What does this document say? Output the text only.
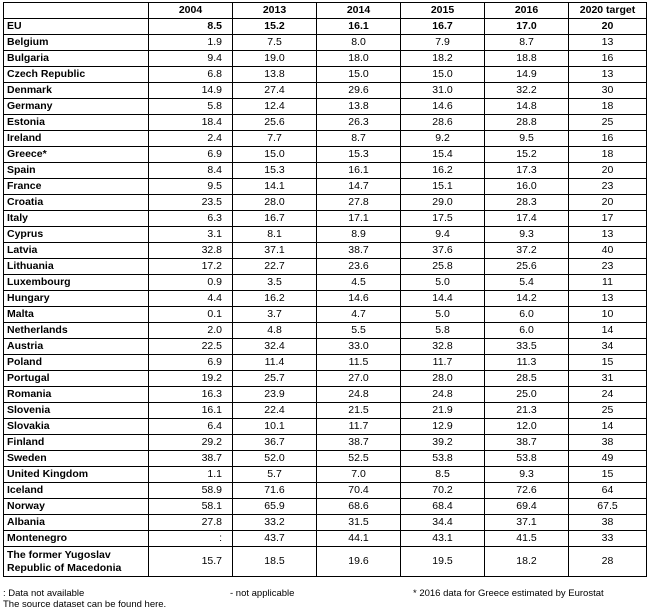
	2004	2013	2014	2015	2016	2020 target
EU	8.5	15.2	16.1	16.7	17.0	20
Belgium	1.9	7.5	8.0	7.9	8.7	13
Bulgaria	9.4	19.0	18.0	18.2	18.8	16
Czech Republic	6.8	13.8	15.0	15.0	14.9	13
Denmark	14.9	27.4	29.6	31.0	32.2	30
Germany	5.8	12.4	13.8	14.6	14.8	18
Estonia	18.4	25.6	26.3	28.6	28.8	25
Ireland	2.4	7.7	8.7	9.2	9.5	16
Greece*	6.9	15.0	15.3	15.4	15.2	18
Spain	8.4	15.3	16.1	16.2	17.3	20
France	9.5	14.1	14.7	15.1	16.0	23
Croatia	23.5	28.0	27.8	29.0	28.3	20
Italy	6.3	16.7	17.1	17.5	17.4	17
Cyprus	3.1	8.1	8.9	9.4	9.3	13
Latvia	32.8	37.1	38.7	37.6	37.2	40
Lithuania	17.2	22.7	23.6	25.8	25.6	23
Luxembourg	0.9	3.5	4.5	5.0	5.4	11
Hungary	4.4	16.2	14.6	14.4	14.2	13
Malta	0.1	3.7	4.7	5.0	6.0	10
Netherlands	2.0	4.8	5.5	5.8	6.0	14
Austria	22.5	32.4	33.0	32.8	33.5	34
Poland	6.9	11.4	11.5	11.7	11.3	15
Portugal	19.2	25.7	27.0	28.0	28.5	31
Romania	16.3	23.9	24.8	24.8	25.0	24
Slovenia	16.1	22.4	21.5	21.9	21.3	25
Slovakia	6.4	10.1	11.7	12.9	12.0	14
Finland	29.2	36.7	38.7	39.2	38.7	38
Sweden	38.7	52.0	52.5	53.8	53.8	49
United Kingdom	1.1	5.7	7.0	8.5	9.3	15
Iceland	58.9	71.6	70.4	70.2	72.6	64
Norway	58.1	65.9	68.6	68.4	69.4	67.5
Albania	27.8	33.2	31.5	34.4	37.1	38
Montenegro	:	43.7	44.1	43.1	41.5	33
The former Yugoslav Republic of Macedonia	15.7	18.5	19.6	19.5	18.2	28
: Data not available	- not applicable	* 2016 data for Greece estimated by Eurostat
The source dataset can be found here.
